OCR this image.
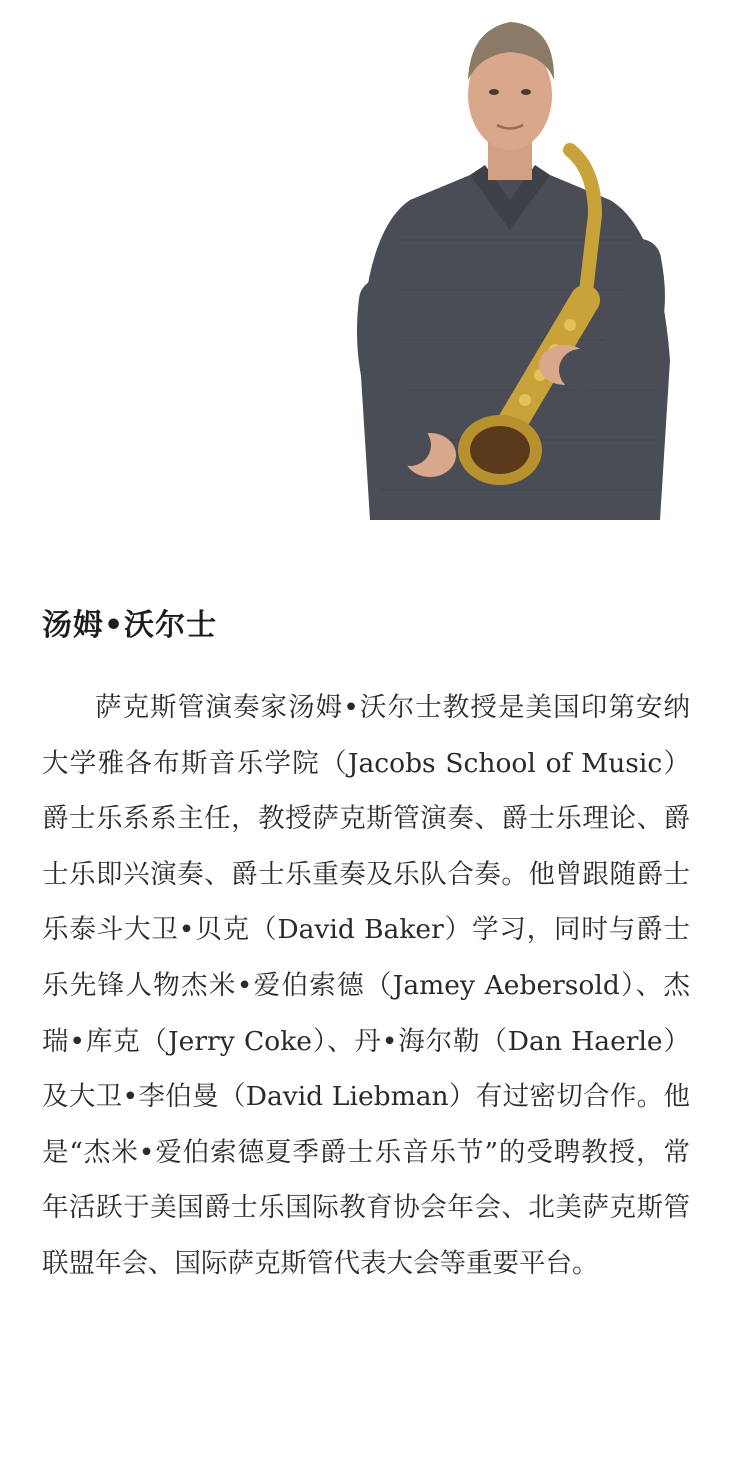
汤姆•沃尔士

萨克斯管演奏家汤姆•沃尔士教授是美国印第安纳大学雅各布斯音乐学院（Jacobs School of Music）爵士乐系系主任，教授萨克斯管演奏、爵士乐理论、爵士乐即兴演奏、爵士乐重奏及乐队合奏。他曾跟随爵士乐泰斗大卫•贝克（David Baker）学习，同时与爵士乐先锋人物杰米•爱伯索德（Jamey Aebersold）、杰瑞•库克（Jerry Coke）、丹•海尔勒（Dan Haerle）及大卫•李伯曼（David Liebman）有过密切合作。他是“杰米•爱伯索德夏季爵士乐音乐节”的受聘教授，常年活跃于美国爵士乐国际教育协会年会、北美萨克斯管联盟年会、国际萨克斯管代表大会等重要平台。
